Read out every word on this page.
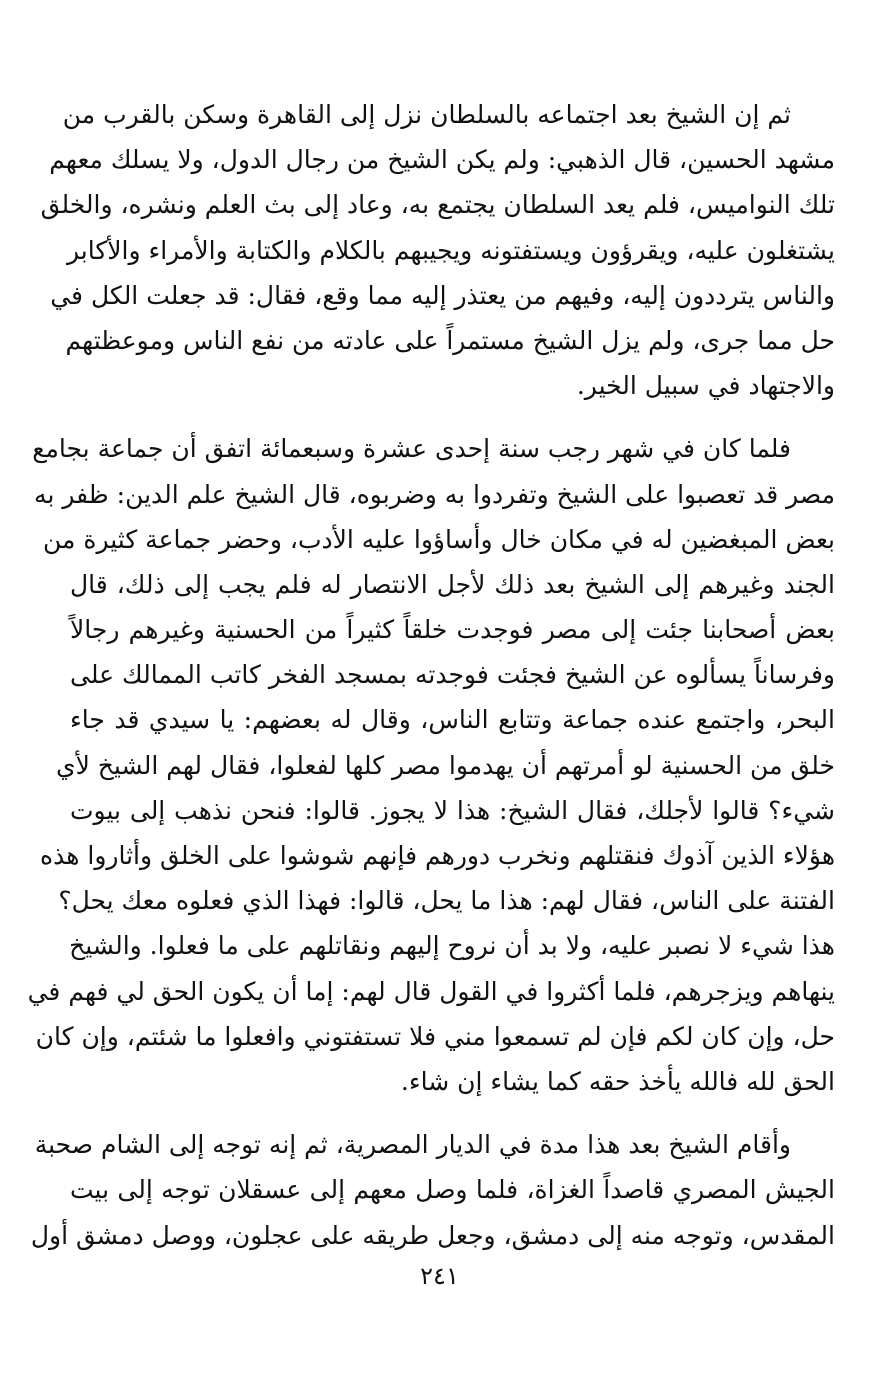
ثم إن الشيخ بعد اجتماعه بالسلطان نزل إلى القاهرة وسكن بالقرب من
مشهد الحسين، قال الذهبي: ولم يكن الشيخ من رجال الدول، ولا يسلك معهم
تلك النواميس، فلم يعد السلطان يجتمع به، وعاد إلى بث العلم ونشره، والخلق
يشتغلون عليه، ويقرؤون ويستفتونه ويجيبهم بالكلام والكتابة والأمراء والأكابر
والناس يترددون إليه، وفيهم من يعتذر إليه مما وقع، فقال: قد جعلت الكل في
حل مما جرى، ولم يزل الشيخ مستمراً على عادته من نفع الناس وموعظتهم
والاجتهاد في سبيل الخير.

فلما كان في شهر رجب سنة إحدى عشرة وسبعمائة اتفق أن جماعة بجامع
مصر قد تعصبوا على الشيخ وتفردوا به وضربوه، قال الشيخ علم الدين: ظفر به
بعض المبغضين له في مكان خال وأساؤوا عليه الأدب، وحضر جماعة كثيرة من
الجند وغيرهم إلى الشيخ بعد ذلك لأجل الانتصار له فلم يجب إلى ذلك، قال
بعض أصحابنا جئت إلى مصر فوجدت خلقاً كثيراً من الحسنية وغيرهم رجالاً
وفرساناً يسألوه عن الشيخ فجئت فوجدته بمسجد الفخر كاتب الممالك على
البحر، واجتمع عنده جماعة وتتابع الناس، وقال له بعضهم: يا سيدي قد جاء
خلق من الحسنية لو أمرتهم أن يهدموا مصر كلها لفعلوا، فقال لهم الشيخ لأي
شيء؟ قالوا لأجلك، فقال الشيخ: هذا لا يجوز. قالوا: فنحن نذهب إلى بيوت
هؤلاء الذين آذوك فنقتلهم ونخرب دورهم فإنهم شوشوا على الخلق وأثاروا هذه
الفتنة على الناس، فقال لهم: هذا ما يحل، قالوا: فهذا الذي فعلوه معك يحل؟
هذا شيء لا نصبر عليه، ولا بد أن نروح إليهم ونقاتلهم على ما فعلوا. والشيخ
ينهاهم ويزجرهم، فلما أكثروا في القول قال لهم: إما أن يكون الحق لي فهم في
حل، وإن كان لكم فإن لم تسمعوا مني فلا تستفتوني وافعلوا ما شئتم، وإن كان
الحق لله فالله يأخذ حقه كما يشاء إن شاء.

وأقام الشيخ بعد هذا مدة في الديار المصرية، ثم إنه توجه إلى الشام صحبة
الجيش المصري قاصداً الغزاة، فلما وصل معهم إلى عسقلان توجه إلى بيت
المقدس، وتوجه منه إلى دمشق، وجعل طريقه على عجلون، ووصل دمشق أول

٢٤١
